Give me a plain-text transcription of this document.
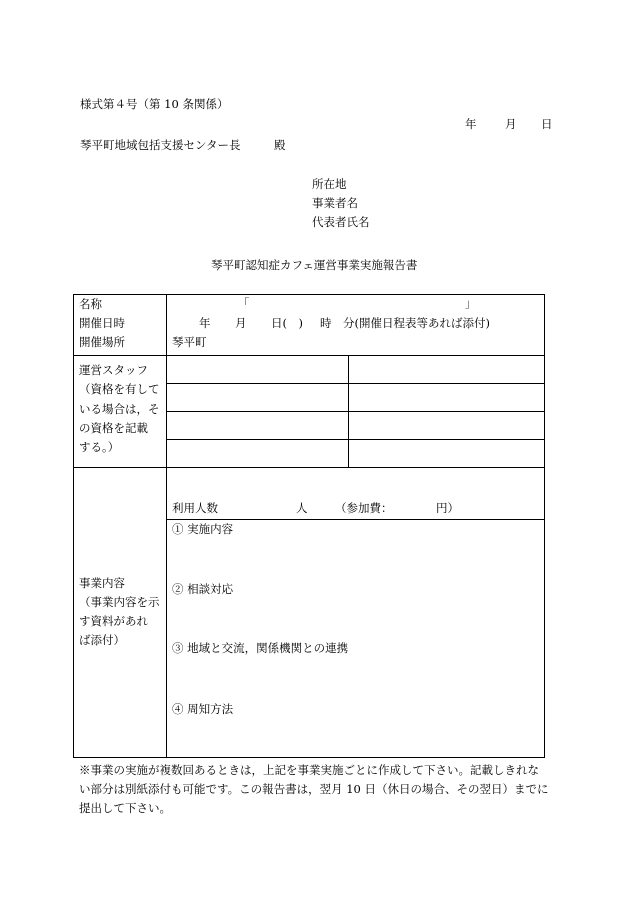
様式第４号（第 10 条関係）
年 月 日
琴平町地域包括支援センター長	殿
所在地
事業者名
代表者氏名
琴平町認知症カフェ運営事業実施報告書
名称	「	」
開催日時	年 月 日(　) 時 分(開催日程表等あれば添付)
開催場所	琴平町
運営スタッフ
（資格を有して
いる場合は，そ
の資格を記載
する。）
利用人数	人 （参加費：	円）
事業内容
（事業内容を示
す資料があれ
ば添付）
① 実施内容
② 相談対応
③ 地域と交流，関係機関との連携
④ 周知方法
※事業の実施が複数回あるときは，上記を事業実施ごとに作成して下さい。記載しきれな
い部分は別紙添付も可能です。この報告書は，翌月 10 日（休日の場合、その翌日）までに
提出して下さい。
